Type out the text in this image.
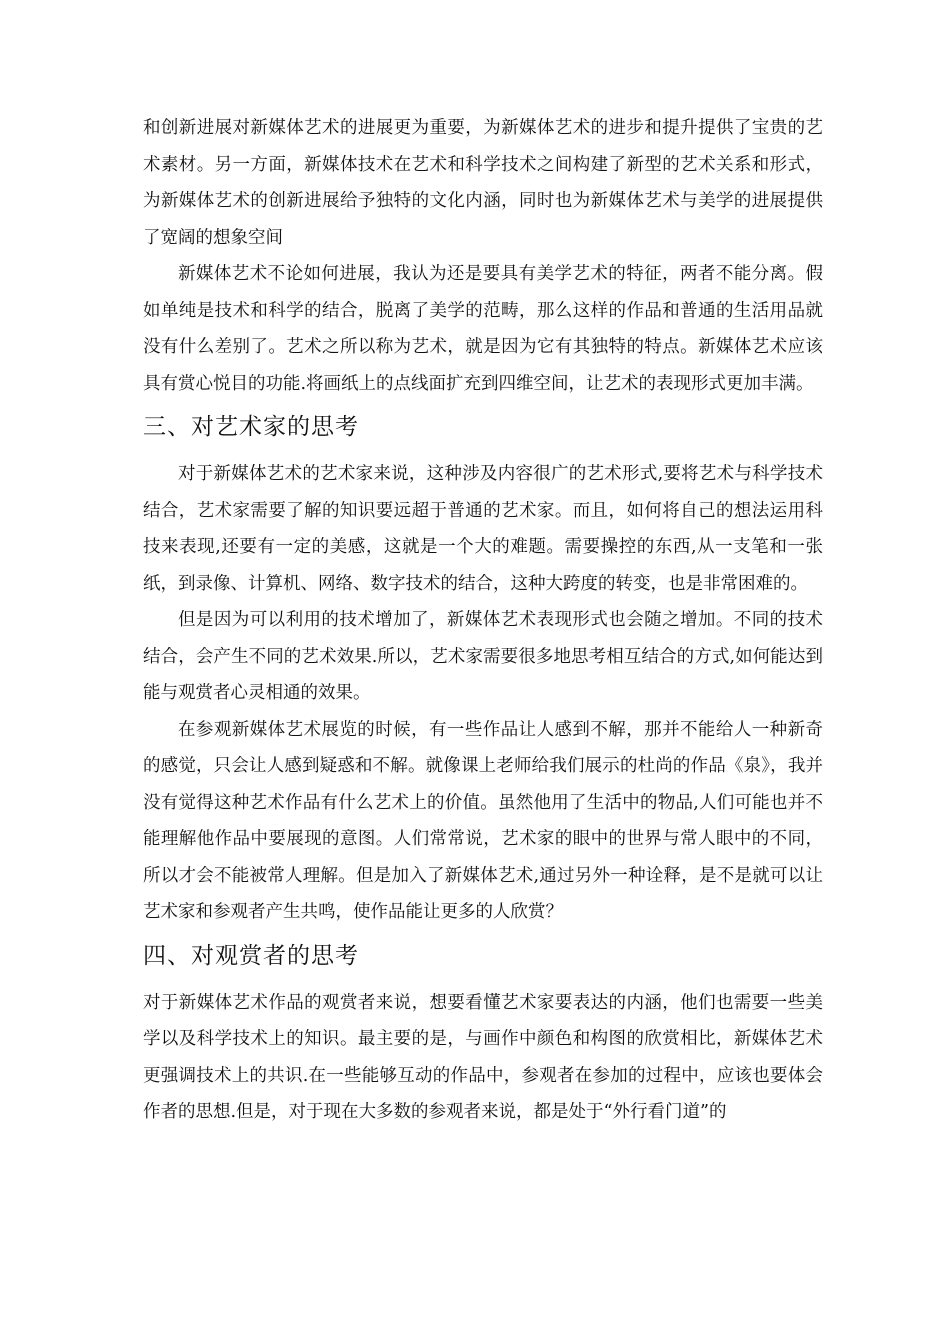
和创新进展对新媒体艺术的进展更为重要，为新媒体艺术的进步和提升提供了宝贵的艺术素材。另一方面，新媒体技术在艺术和科学技术之间构建了新型的艺术关系和形式，为新媒体艺术的创新进展给予独特的文化内涵，同时也为新媒体艺术与美学的进展提供了宽阔的想象空间

新媒体艺术不论如何进展，我认为还是要具有美学艺术的特征，两者不能分离。假如单纯是技术和科学的结合，脱离了美学的范畴，那么这样的作品和普通的生活用品就没有什么差别了。艺术之所以称为艺术，就是因为它有其独特的特点。新媒体艺术应该具有赏心悦目的功能.将画纸上的点线面扩充到四维空间，让艺术的表现形式更加丰满。

三、对艺术家的思考

对于新媒体艺术的艺术家来说，这种涉及内容很广的艺术形式,要将艺术与科学技术结合，艺术家需要了解的知识要远超于普通的艺术家。而且，如何将自己的想法运用科技来表现,还要有一定的美感，这就是一个大的难题。需要操控的东西,从一支笔和一张纸，到录像、计算机、网络、数字技术的结合，这种大跨度的转变，也是非常困难的。

但是因为可以利用的技术增加了，新媒体艺术表现形式也会随之增加。不同的技术结合，会产生不同的艺术效果.所以，艺术家需要很多地思考相互结合的方式,如何能达到能与观赏者心灵相通的效果。

在参观新媒体艺术展览的时候，有一些作品让人感到不解，那并不能给人一种新奇的感觉，只会让人感到疑惑和不解。就像课上老师给我们展示的杜尚的作品《泉》，我并没有觉得这种艺术作品有什么艺术上的价值。虽然他用了生活中的物品,人们可能也并不能理解他作品中要展现的意图。人们常常说，艺术家的眼中的世界与常人眼中的不同，所以才会不能被常人理解。但是加入了新媒体艺术,通过另外一种诠释，是不是就可以让艺术家和参观者产生共鸣，使作品能让更多的人欣赏？

四、对观赏者的思考

对于新媒体艺术作品的观赏者来说，想要看懂艺术家要表达的内涵，他们也需要一些美学以及科学技术上的知识。最主要的是，与画作中颜色和构图的欣赏相比，新媒体艺术更强调技术上的共识.在一些能够互动的作品中，参观者在参加的过程中，应该也要体会作者的思想.但是，对于现在大多数的参观者来说，都是处于“外行看门道”的
